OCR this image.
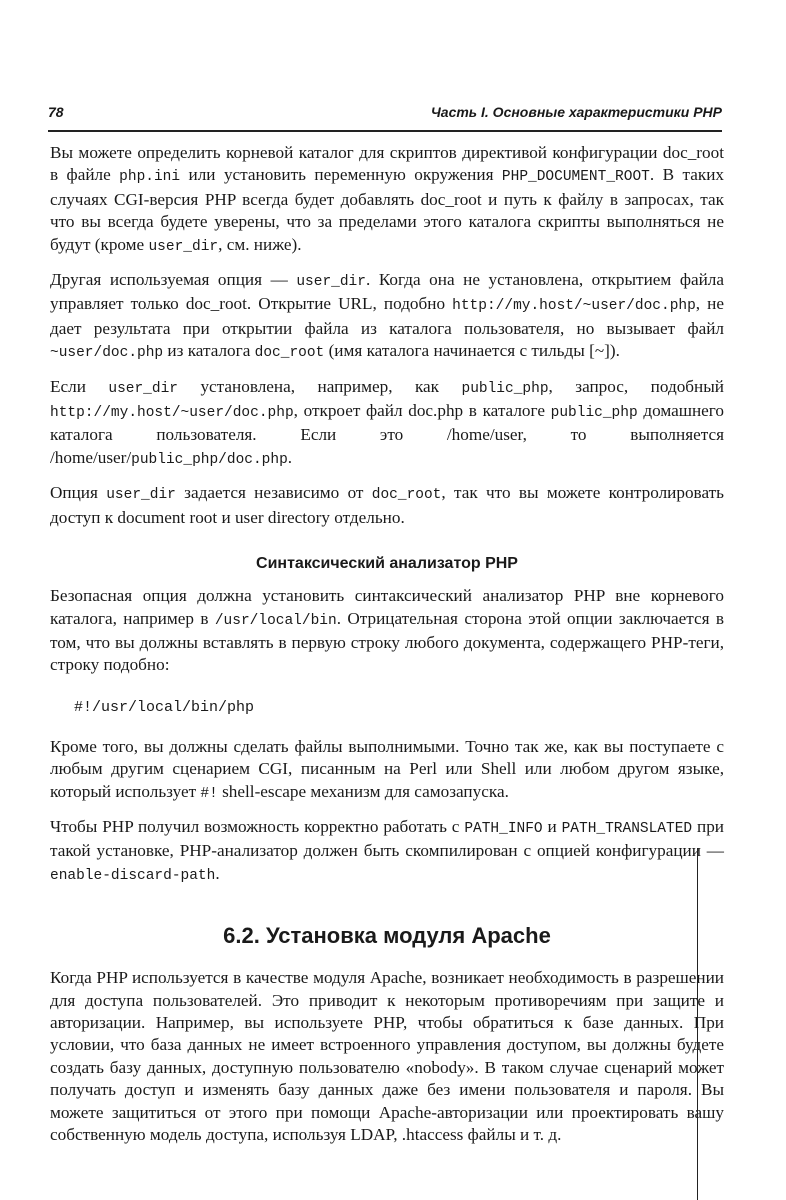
78	Часть I. Основные характеристики PHP

Вы можете определить корневой каталог для скриптов директивой конфигурации doc_root в файле php.ini или установить переменную окружения PHP_DOCUMENT_ROOT. В таких случаях CGI-версия PHP всегда будет добавлять doc_root и путь к файлу в запросах, так что вы всегда будете уверены, что за пределами этого каталога скрипты выполняться не будут (кроме user_dir, см. ниже).

Другая используемая опция — user_dir. Когда она не установлена, открытием файла управляет только doc_root. Открытие URL, подобно http://my.host/~user/doc.php, не дает результата при открытии файла из каталога пользователя, но вызывает файл ~user/doc.php из каталога doc_root (имя каталога начинается с тильды [~]).

Если user_dir установлена, например, как public_php, запрос, подобный http://my.host/~user/doc.php, откроет файл doc.php в каталоге public_php домашнего каталога пользователя. Если это /home/user, то выполняется /home/user/public_php/doc.php.

Опция user_dir задается независимо от doc_root, так что вы можете контролировать доступ к document root и user directory отдельно.

Синтаксический анализатор PHP

Безопасная опция должна установить синтаксический анализатор PHP вне корневого каталога, например в /usr/local/bin. Отрицательная сторона этой опции заключается в том, что вы должны вставлять в первую строку любого документа, содержащего PHP-теги, строку подобно:

#!/usr/local/bin/php

Кроме того, вы должны сделать файлы выполнимыми. Точно так же, как вы поступаете с любым другим сценарием CGI, писанным на Perl или Shell или любом другом языке, который использует #! shell-escape механизм для самозапуска.

Чтобы PHP получил возможность корректно работать с PATH_INFO и PATH_TRANSLATED при такой установке, PHP-анализатор должен быть скомпилирован с опцией конфигурации — enable-discard-path.

6.2. Установка модуля Apache

Когда PHP используется в качестве модуля Apache, возникает необходимость в разрешении для доступа пользователей. Это приводит к некоторым противоречиям при защите и авторизации. Например, вы используете PHP, чтобы обратиться к базе данных. При условии, что база данных не имеет встроенного управления доступом, вы должны будете создать базу данных, доступную пользователю «nobody». В таком случае сценарий может получать доступ и изменять базу данных даже без имени пользователя и пароля. Вы можете защититься от этого при помощи Apache-авторизации или проектировать вашу собственную модель доступа, используя LDAP, .htaccess файлы и т. д.
